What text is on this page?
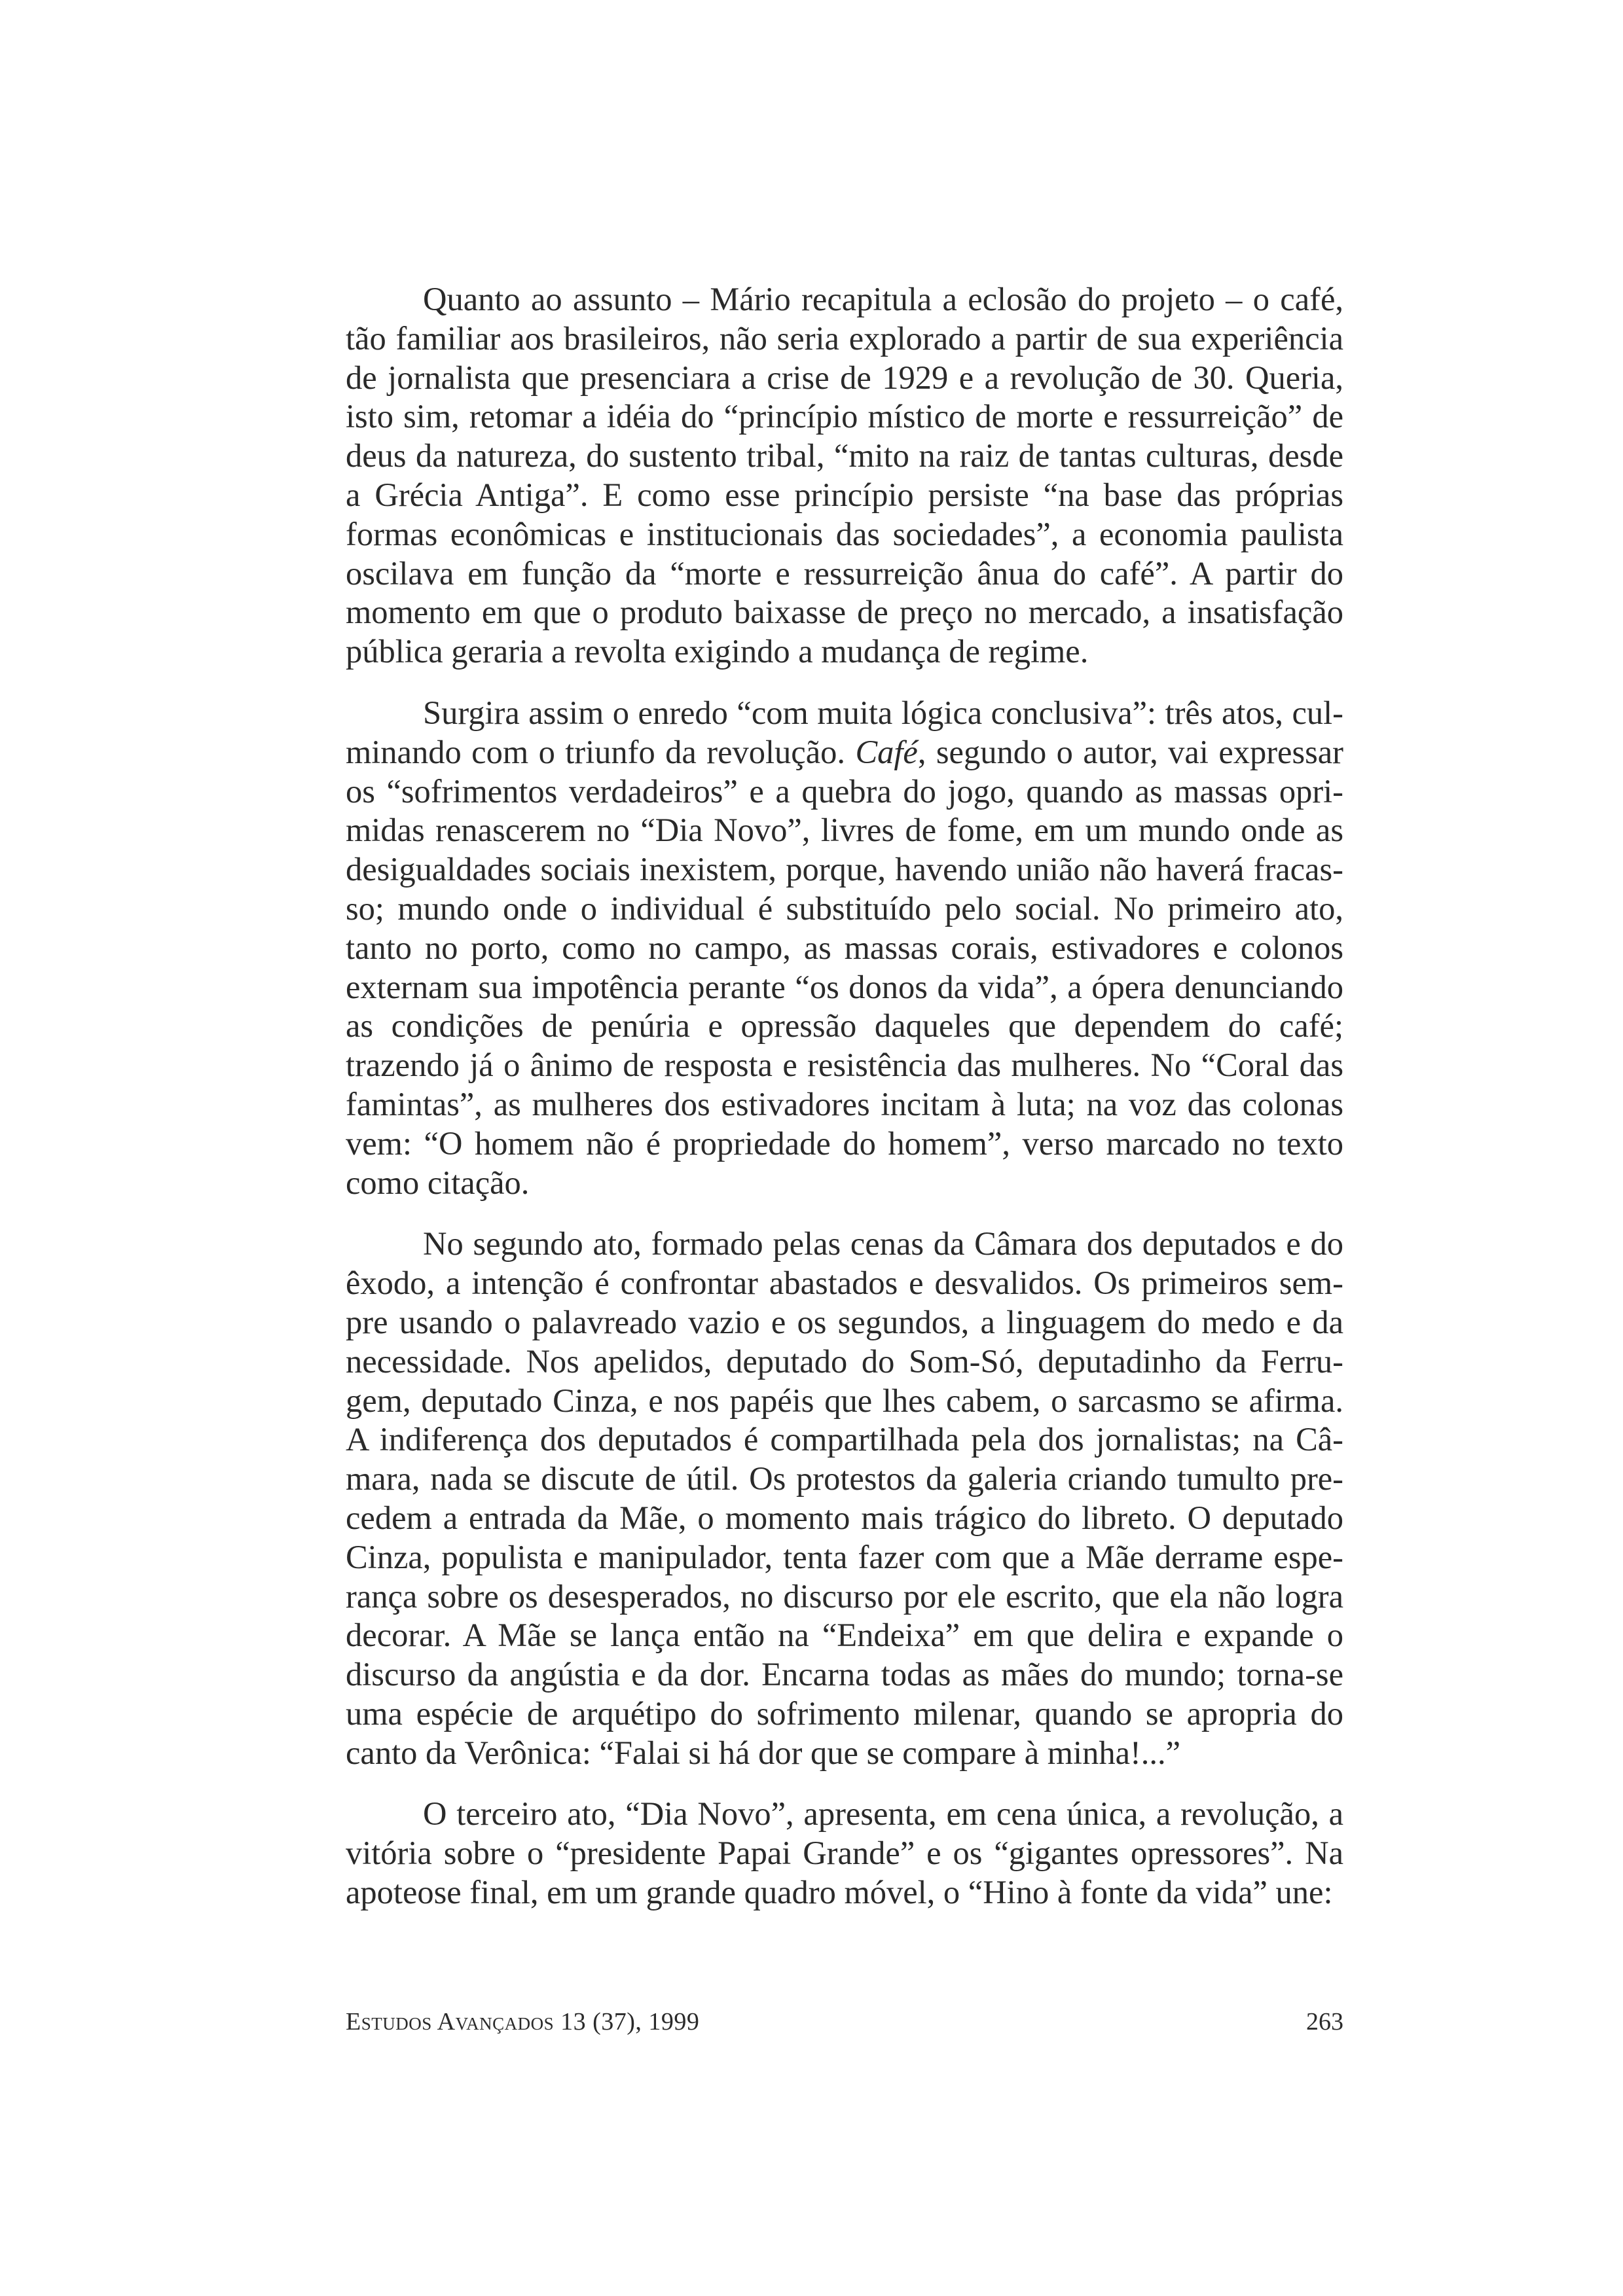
Quanto ao assunto – Mário recapitula a eclosão do projeto – o café, tão familiar aos brasileiros, não seria explorado a partir de sua experiência de jornalista que presenciara a crise de 1929 e a revolução de 30. Queria, isto sim, retomar a idéia do “princípio místico de morte e ressurreição” de deus da natureza, do sustento tribal, “mito na raiz de tantas culturas, desde a Grécia Antiga”. E como esse princípio persiste “na base das próprias formas econômicas e institucionais das sociedades”, a economia paulista oscilava em função da “morte e ressurreição ânua do café”. A partir do momento em que o produto baixasse de preço no mercado, a insatisfação pública geraria a revolta exigindo a mudança de regime.

Surgira assim o enredo “com muita lógica conclusiva”: três atos, culminando com o triunfo da revolução. Café, segundo o autor, vai expressar os “sofrimentos verdadeiros” e a quebra do jogo, quando as massas oprimidas renascerem no “Dia Novo”, livres de fome, em um mundo onde as desigualdades sociais inexistem, porque, havendo união não haverá fracasso; mundo onde o individual é substituído pelo social. No primeiro ato, tanto no porto, como no campo, as massas corais, estivadores e colonos externam sua impotência perante “os donos da vida”, a ópera denunciando as condições de penúria e opressão daqueles que dependem do café; trazendo já o ânimo de resposta e resistência das mulheres. No “Coral das famintas”, as mulheres dos estivadores incitam à luta; na voz das colonas vem: “O homem não é propriedade do homem”, verso marcado no texto como citação.

No segundo ato, formado pelas cenas da Câmara dos deputados e do êxodo, a intenção é confrontar abastados e desvalidos. Os primeiros sempre usando o palavreado vazio e os segundos, a linguagem do medo e da necessidade. Nos apelidos, deputado do Som-Só, deputadinho da Ferrugem, deputado Cinza, e nos papéis que lhes cabem, o sarcasmo se afirma. A indiferença dos deputados é compartilhada pela dos jornalistas; na Câmara, nada se discute de útil. Os protestos da galeria criando tumulto precedem a entrada da Mãe, o momento mais trágico do libreto. O deputado Cinza, populista e manipulador, tenta fazer com que a Mãe derrame esperança sobre os desesperados, no discurso por ele escrito, que ela não logra decorar. A Mãe se lança então na “Endeixa” em que delira e expande o discurso da angústia e da dor. Encarna todas as mães do mundo; torna-se uma espécie de arquétipo do sofrimento milenar, quando se apropria do canto da Verônica: “Falai si há dor que se compare à minha!...”

O terceiro ato, “Dia Novo”, apresenta, em cena única, a revolução, a vitória sobre o “presidente Papai Grande” e os “gigantes opressores”. Na apoteose final, em um grande quadro móvel, o “Hino à fonte da vida” une:

Estudos Avançados 13 (37), 1999	263
